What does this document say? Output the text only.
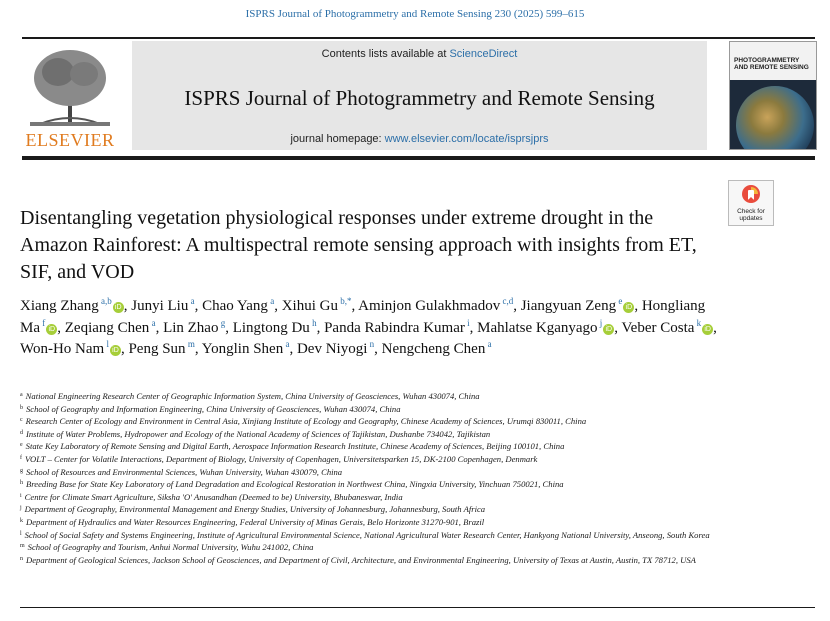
ISPRS Journal of Photogrammetry and Remote Sensing 230 (2025) 599–615
ELSEVIER
Contents lists available at ScienceDirect
ISPRS Journal of Photogrammetry and Remote Sensing
journal homepage: www.elsevier.com/locate/isprsjprs
PHOTOGRAMMETRY AND REMOTE SENSING
Check for updates
Disentangling vegetation physiological responses under extreme drought in the Amazon Rainforest: A multispectral remote sensing approach with insights from ET, SIF, and VOD
Xiang Zhang $^{a,b}$iD , Junyi Liu $^a$, Chao Yang $^a$, Xihui Gu $^{b,*}$, Aminjon Gulakhmadov $^{c,d}$, Jiangyuan Zeng $^e$iD , Hongliang Ma $^f$iD , Zeqiang Chen $^a$, Lin Zhao $^g$, Lingtong Du $^h$, Panda Rabindra Kumar $^i$, Mahlatse Kganyago $^j$iD , Veber Costa $^k$iD , Won-Ho Nam $^l$iD , Peng Sun $^m$, Yonglin Shen $^a$, Dev Niyogi $^n$, Nengcheng Chen $^a$
$^a$ National Engineering Research Center of Geographic Information System, China University of Geosciences, Wuhan 430074, China
$^b$ School of Geography and Information Engineering, China University of Geosciences, Wuhan 430074, China
$^c$ Research Center of Ecology and Environment in Central Asia, Xinjiang Institute of Ecology and Geography, Chinese Academy of Sciences, Urumqi 830011, China
$^d$ Institute of Water Problems, Hydropower and Ecology of the National Academy of Sciences of Tajikistan, Dushanbe 734042, Tajikistan
$^e$ State Key Laboratory of Remote Sensing and Digital Earth, Aerospace Information Research Institute, Chinese Academy of Sciences, Beijing 100101, China
$^f$ VOLT – Center for Volatile Interactions, Department of Biology, University of Copenhagen, Universitetsparken 15, DK-2100 Copenhagen, Denmark
$^g$ School of Resources and Environmental Sciences, Wuhan University, Wuhan 430079, China
$^h$ Breeding Base for State Key Laboratory of Land Degradation and Ecological Restoration in Northwest China, Ningxia University, Yinchuan 750021, China
$^i$ Centre for Climate Smart Agriculture, Siksha 'O' Anusandhan (Deemed to be) University, Bhubaneswar, India
$^j$ Department of Geography, Environmental Management and Energy Studies, University of Johannesburg, Johannesburg, South Africa
$^k$ Department of Hydraulics and Water Resources Engineering, Federal University of Minas Gerais, Belo Horizonte 31270-901, Brazil
$^l$ School of Social Safety and Systems Engineering, Institute of Agricultural Environmental Science, National Agricultural Water Research Center, Hankyong National University, Anseong, South Korea
$^m$ School of Geography and Tourism, Anhui Normal University, Wuhu 241002, China
$^n$ Department of Geological Sciences, Jackson School of Geosciences, and Department of Civil, Architecture, and Environmental Engineering, University of Texas at Austin, Austin, TX 78712, USA
